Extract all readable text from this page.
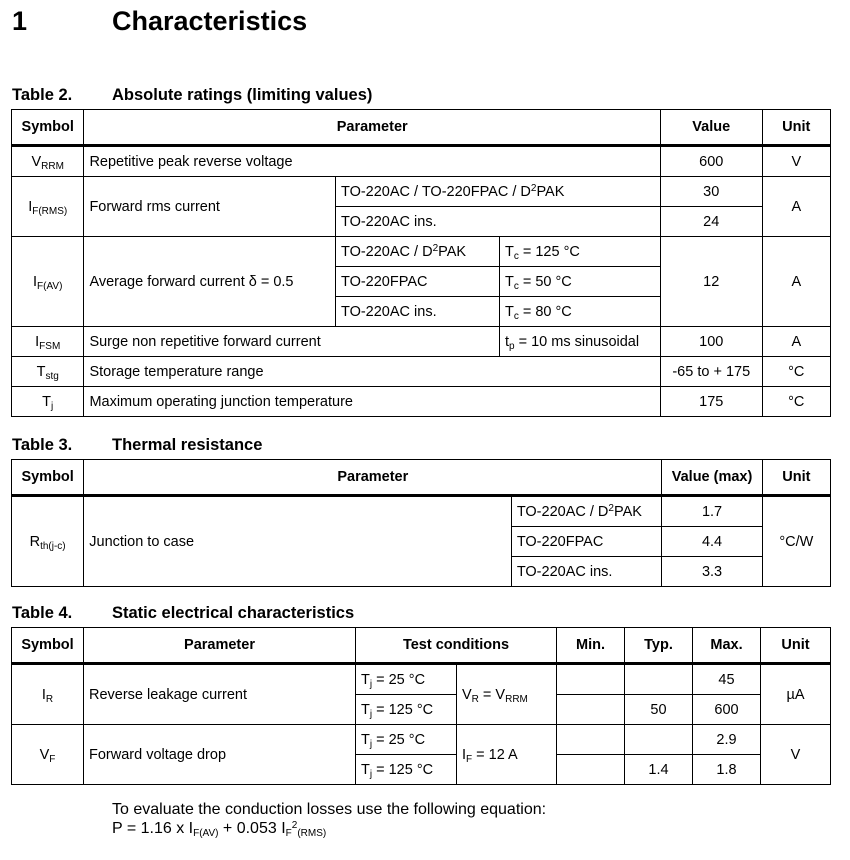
1	Characteristics
Table 2. Absolute ratings (limiting values)
Symbol	Parameter			Value	Unit
$V_{RRM}$	Repetitive peak reverse voltage			600	V
$I_{F(RMS)}$	Forward rms current	TO-220AC / TO-220FPAC / $D^2PAK$		30	A
		TO-220AC ins.		24	
$I_{F(AV)}$	Average forward current δ = 0.5	$TO-220AC / D^2PAK$	$T_c = 125$ °C	12	A
		TO-220FPAC	$T_c = 50$ °C		
		TO-220AC ins.	$T_c = 80$ °C		
$I_{FSM}$	Surge non repetitive forward current		$t_p = 10$ ms sinusoidal	100	A
$T_{stg}$	Storage temperature range			-65 to + 175	°C
$T_j$	Maximum operating junction temperature			175	°C
Table 3. Thermal resistance
Symbol	Parameter		Value (max)	Unit
$R_{th(j-c)}$	Junction to case	$TO-220AC / D^2PAK$	1.7	°C/W
		TO-220FPAC	4.4	
		TO-220AC ins.	3.3	
Table 4. Static electrical characteristics
Symbol	Parameter	Test conditions		Min.	Typ.	Max.	Unit
$I_R$	Reverse leakage current	$T_j = 25$ °C	$V_R = V_{RRM}$			45	µA
		$T_j = 125$ °C			50	600	
$V_F$	Forward voltage drop	$T_j = 25$ °C	$I_F = 12$ A			2.9	V
		$T_j = 125$ °C			1.4	1.8	
To evaluate the conduction losses use the following equation:
P = 1.16 x $I_{F(AV)} + 0.053$ $I_F^2_{(RMS)}$
